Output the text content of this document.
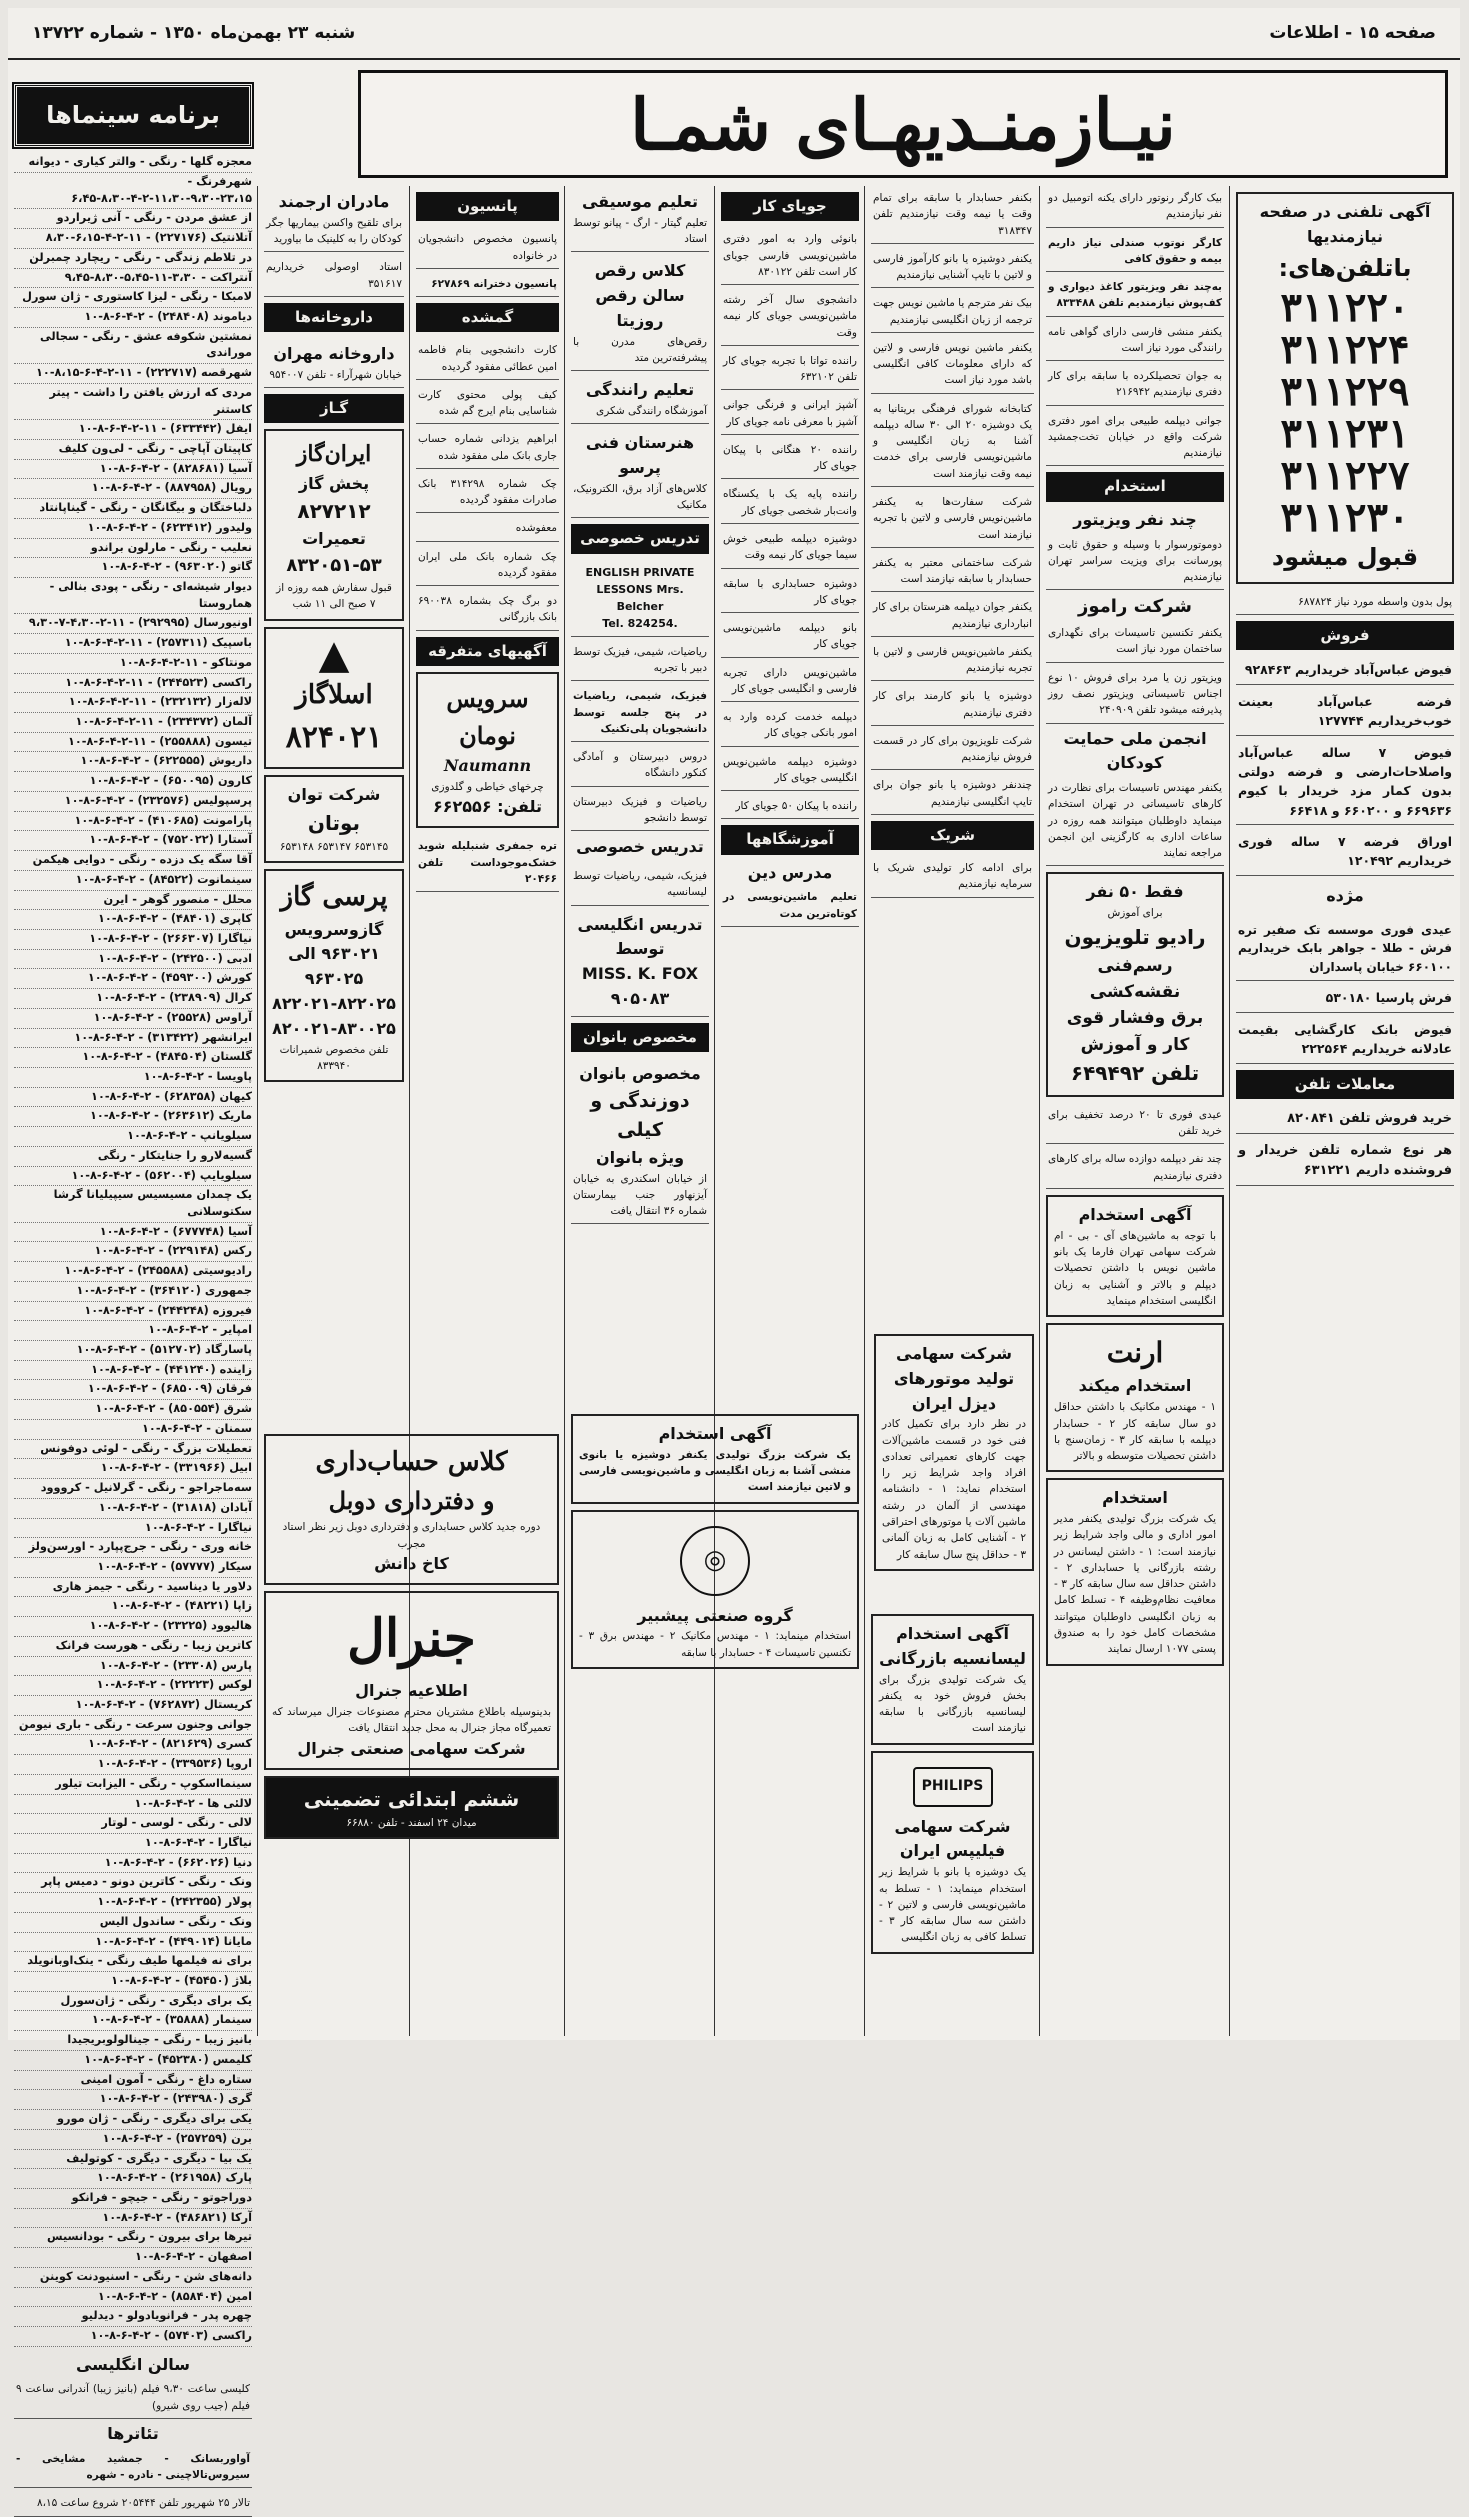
صفحه ۱۵ - اطلاعات
شنبه ۲۳ بهمن‌ماه ۱۳۵۰ - شماره ۱۳۷۲۲
نیـازمنـدیهـای شمـا
آگهی تلفنی در صفحه نیازمندیها
باتلفن‌های:
۳۱۱۲۲۰
۳۱۱۲۲۴
۳۱۱۲۲۹
۳۱۱۲۳۱
۳۱۱۲۲۷
۳۱۱۲۳۰
قبول میشود
پول بدون واسطه مورد نیاز ۶۸۷۸۲۴
فروش
فیوض عباس‌آباد خریداریم ۹۲۸۴۶۳
فرضه عباس‌آباد بعینت خوب‌خریداریم ۱۲۷۷۴۴
فیوض ۷ ساله عباس‌آباد واصلاحات‌ارضی و فرضه دولتی بدون کمار مزد خریدار با کیوم ۶۶۹۶۳۶ و ۶۶۰۲۰۰ و ۶۶۴۱۸
اوراق فرضه ۷ ساله فوری خریداریم ۱۲۰۴۹۲
مژده
عیدی فوری موسسه تک صفیر تره فرش - طلا - جواهر بابک خریداریم ۶۶۰۱۰۰ خیابان پاسداران
فرش پارسیا ۵۳۰۱۸۰
فیوض بانک کارگشایی بقیمت عادلانه خریداریم ۲۲۲۵۶۴
معاملات تلفن
خرید فروش تلفن ۸۲۰۸۴۱
هر نوع شماره تلفن خریدار و فروشنده داریم ۶۳۱۲۲۱
بیک کارگر رنوتور دارای یکنه اتومبیل دو نفر نیازمندیم
کارگر نوتوب صندلی نیاز داریم بیمه و حقوق کافی
به‌چند نفر ویزیتور کاغذ دیواری و کف‌پوش نیازمندیم تلفن ۸۳۳۴۸۸
یکنفر منشی فارسی دارای گواهی نامه رانندگی مورد نیاز است
به جوان تحصیلکرده با سابقه برای کار دفتری نیازمندیم ۲۱۶۹۴۲
جوانی دیپلمه طبیعی برای امور دفتری شرکت واقع در خیابان تخت‌جمشید نیازمندیم
استخدام
چند نفر ویزیتور
دوموتورسوار با وسیله و حقوق ثابت و پورسانت برای ویزیت سراسر تهران نیازمندیم
شرکت راموز
یکنفر تکنسین تاسیسات برای نگهداری ساختمان مورد نیاز است
ویزیتور زن یا مرد برای فروش ۱۰ نوع اجناس تاسیساتی ویزیتور نصف روز پذیرفته میشود تلفن ۲۴۰۹۰۹
انجمن ملی حمایت کودکان
یکنفر مهندس تاسیسات برای نظارت در کارهای تاسیساتی در تهران استخدام مینماید داوطلبان میتوانند همه روزه در ساعات اداری به کارگزینی این انجمن مراجعه نمایند
فقط ۵۰ نفر
برای آموزش
رادیو تلویزیون
رسم‌فنی نقشه‌کشی
برق وفشار قوی
کار و آموزش
تلفن ۶۴۹۴۹۲
عیدی فوری تا ۲۰ درصد تخفیف برای خرید تلفن
چند نفر دیپلمه دوازده ساله برای کارهای دفتری نیازمندیم
آگهی استخدام
با توجه به ماشین‌های آی - بی - ام شرکت سهامی تهران فارما یک بانو ماشین نویس با داشتن تحصیلات دیپلم و بالاتر و آشنایی به زبان انگلیسی استخدام مینماید
ارنت
استخدام میکند
۱ - مهندس مکانیک با داشتن حداقل دو سال سابقه کار ۲ - حسابدار دیپلمه با سابقه کار ۳ - زمان‌سنج با داشتن تحصیلات متوسطه و بالاتر
استخدام
یک شرکت بزرگ تولیدی یکنفر مدیر امور اداری و مالی واجد شرایط زیر نیازمند است: ۱ - داشتن لیسانس در رشته بازرگانی یا حسابداری ۲ - داشتن حداقل سه سال سابقه کار ۳ - معافیت نظام‌وظیفه ۴ - تسلط کامل به زبان انگلیسی داوطلبان میتوانند مشخصات کامل خود را به صندوق پستی ۱۰۷۷ ارسال نمایند
بکنفر حسابدار با سابقه برای تمام وقت یا نیمه وقت نیازمندیم تلفن ۳۱۸۳۴۷
یکنفر دوشیزه یا بانو کارآموز فارسی و لاتین با تایپ آشنایی نیازمندیم
بیک نفر مترجم یا ماشین نویس جهت ترجمه از زبان انگلیسی نیازمندیم
یکنفر ماشین نویس فارسی و لاتین که دارای معلومات کافی انگلیسی باشد مورد نیاز است
کتابخانه شورای فرهنگی بریتانیا به یک دوشیزه ۲۰ الی ۳۰ ساله دیپلمه آشنا به زبان انگلیسی و ماشین‌نویسی فارسی برای خدمت نیمه وقت نیازمند است
شرکت سفارت‌ها به یکنفر ماشین‌نویس فارسی و لاتین با تجربه نیازمند است
شرکت ساختمانی معتبر به یکنفر حسابدار با سابقه نیازمند است
یکنفر جوان دیپلمه هنرستان برای کار انبارداری نیازمندیم
یکنفر ماشین‌نویس فارسی و لاتین با تجربه نیازمندیم
دوشیزه یا بانو کارمند برای کار دفتری نیازمندیم
شرکت تلویزیون برای کار در قسمت فروش نیازمندیم
چندنفر دوشیزه یا بانو جوان برای تایپ انگلیسی نیازمندیم
شریک
برای ادامه کار تولیدی شریک با سرمایه نیازمندیم
شرکت سهامی تولید موتورهای دیزل ایران
در نظر دارد برای تکمیل کادر فنی خود در قسمت ماشین‌آلات جهت کارهای تعمیراتی تعدادی افراد واجد شرایط زیر را استخدام نماید: ۱ - دانشنامه مهندسی از آلمان در رشته ماشین آلات یا موتورهای احتراقی ۲ - آشنایی کامل به زبان آلمانی ۳ - حداقل پنج سال سابقه کار
آگهی استخدام لیسانسیه بازرگانی
یک شرکت تولیدی بزرگ برای بخش فروش خود به یکنفر لیسانسیه بازرگانی با سابقه نیازمند است
PHILIPS
شرکت سهامی فیلیپس ایران
یک دوشیزه یا بانو با شرایط زیر استخدام مینماید: ۱ - تسلط به ماشین‌نویسی فارسی و لاتین ۲ - داشتن سه سال سابقه کار ۳ - تسلط کافی به زبان انگلیسی
جویای کار
بانوئی وارد به امور دفتری ماشین‌نویسی فارسی جویای کار است تلفن ۸۳۰۱۲۲
دانشجوی سال آخر رشته ماشین‌نویسی جویای کار نیمه وقت
راننده تواتا با تجربه جویای کار تلفن ۶۳۲۱۰۲
آشپز ایرانی و فرنگی جوانی آشپز با معرفی نامه جویای کار
راننده ۲۰ هنگانی با پیکان جویای کار
راننده پایه یک با یکسنگاه وانت‌بار شخصی جویای کار
دوشیزه دیپلمه طبیعی خوش سیما جویای کار نیمه وقت
دوشیزه حسابداری با سابقه جویای کار
بانو دیپلمه ماشین‌نویسی جویای کار
ماشین‌نویس دارای تجربه فارسی و انگلیسی جویای کار
دیپلمه خدمت کرده وارد به امور بانکی جویای کار
دوشیزه دیپلمه ماشین‌نویس انگلیسی جویای کار
راننده با پیکان ۵۰ جویای کار
آموزشگاهها
مدرس دین
تعلیم ماشین‌نویسی در کوتاه‌ترین مدت
آگهی استخدام
یک شرکت بزرگ تولیدی یکنفر دوشیزه یا بانوی منشی آشنا به زبان انگلیسی و ماشین‌نویسی فارسی و لاتین نیازمند است
◎
گروه صنعتی پیشبیر
استخدام مینماید: ۱ - مهندس مکانیک ۲ - مهندس برق ۳ - تکنسین تاسیسات ۴ - حسابدار با سابقه
تعلیم موسیقی
تعلیم گیتار - ارگ - پیانو توسط استاد
کلاس رقص
سالن رقص روزیتا
رقص‌های مدرن با پیشرفته‌ترین متد
تعلیم رانندگی
آموزشگاه رانندگی شکری
هنرستان فنی پرسو
کلاس‌های آزاد برق، الکترونیک، مکانیک
تدریس خصوصی
ENGLISH PRIVATE LESSONS Mrs. Belcher
Tel. 824254.
ریاضیات، شیمی، فیزیک توسط دبیر با تجربه
فیزیک، شیمی، ریاضیات در پنج جلسه توسط دانشجویان پلی‌تکنیک
دروس دبیرستان و آمادگی کنکور دانشگاه
ریاضیات و فیزیک دبیرستان توسط دانشجو
تدریس خصوصی
فیزیک، شیمی، ریاضیات توسط لیسانسیه
تدریس انگلیسی توسط
MISS. K. FOX
۹۰۵۰۸۳
مخصوص بانوان
مخصوص بانوان
دوزندگی و کیلی
ویژه بانوان
از خیابان اسکندری به خیابان آیزنهاور جنب بیمارستان شماره ۳۶ انتقال یافت
پانسیون
پانسیون مخصوص دانشجویان در خانواده
پانسیون دخترانه ۶۲۷۸۶۹
گمشده
کارت دانشجویی بنام فاطمه امین عطائی مفقود گردیده
کیف پولی محتوی کارت شناسایی بنام ایرج گم شده
ابراهیم یزدانی شماره حساب جاری بانک ملی مفقود شده
چک شماره ۳۱۴۲۹۸ بانک صادرات مفقود گردیده
معفوشده
چک شماره بانک ملی ایران مفقود گردیده
دو برگ چک بشماره ۶۹۰۰۳۸ بانک بازرگانی
آگهیهای متفرقه
سرویس نومان
Naumann
چرخهای خیاطی و گلدوزی
تلفن: ۶۶۲۵۵۶
تره جمفری شنبلیله شوید خشک‌موجوداست تلفن ۲۰۴۶۶
کلاس حساب‌داری
و دفترداری دوبل
دوره جدید کلاس حسابداری و دفترداری دوبل زیر نظر استاد مجرب
کاخ دانش
جنرال
اطلاعیه جنرال
بدینوسیله باطلاع مشتریان محترم مصنوعات جنرال میرساند که تعمیرگاه مجاز جنرال به محل جدید انتقال یافت
شرکت سهامی صنعتی جنرال
ششم ابتدائی تضمینی
میدان ۲۴ اسفند - تلفن ۶۶۸۸۰
مادران ارجمند
برای تلقیح واکسن بیماریها جگر کودکان را به کلینیک ما بیاورید
استاد اوصولی خریداریم ۳۵۱۶۱۷
داروخانه‌ها
داروخانه مهران
خیابان شهرآراء - تلفن ۹۵۴۰۰۷
گـاز
ایران‌گاز
پخش گاز
۸۲۷۲۱۲
تعمیرات
۸۳۲۰۵۱-۵۳
قبول سفارش همه روزه از ۷ صبح الی ۱۱ شب
▲
اسلاگاز
۸۲۴۰۲۱
شرکت توان
بوتان
۶۵۳۱۴۵ ۶۵۳۱۴۷ ۶۵۳۱۴۸
پرسی گاز
گازوسرویس
۹۶۳۰۲۱ الی ۹۶۳۰۲۵
۸۲۲۰۲۱-۸۲۲۰۲۵
۸۲۰۰۲۱-۸۳۰۰۲۵
تلفن مخصوص شمیرانات ۸۳۳۹۴۰
برنامه سینماها
معجزه گلها - رنگی - والتر کیاری - دیوانه
شهرفرنگ - ۲۳،۱۵-۹،۳۰-۱۱،۳۰-۲-۴-۸،۳۰-۶،۴۵
از عشق مردن - رنگی - آنی ژیراردو
آتلانتیک (۲۲۷۱۷۶) - ۱۱-۲-۴-۶،۱۵-۸،۳۰
در تلاطم زندگی - رنگی - ریچارد چمبرلن
آنتراکت - ۳،۳۰-۱۱-۵،۴۵-۸،۳۰-۹،۴۵
لامبکا - رنگی - لیزا کاستوری - ژان سورل
دیاموند (۲۴۸۴۰۸) - ۲-۴-۶-۸-۱۰
نمشتین شکوفه عشق - رنگی - سجالی موراندی
شهرقصه (۲۲۲۷۱۷) - ۱۱-۲-۴-۶-۸،۱۵-۱۰
مردی که ارزش یافتن را داشت - پیتر کاستنر
ایفل (۶۳۳۴۴۲) - ۱۱-۲-۴-۶-۸-۱۰
کاپیتان آپاچی - رنگی - لی‌ون کلیف
آسیا (۸۲۸۶۸۱) - ۲-۴-۶-۸-۱۰
رویال (۸۸۷۹۵۸) - ۲-۴-۶-۸-۱۰
دلباختگان و بیگانگان - رنگی - گیناپانتاد
ولیدور (۶۲۳۴۱۲) - ۲-۴-۶-۸-۱۰
نعلیب - رنگی - مارلون براندو
گاتو (۹۶۳۰۲۰) - ۲-۴-۶-۸-۱۰
دیوار شیشه‌ای - رنگی - پودی بنالی - هماروستا
اونیورسال (۲۹۲۹۹۵) - ۱۱-۲-۴،۳۰-۷-۹،۳۰
باسپیک (۲۵۷۳۱۱) - ۱۱-۲-۴-۶-۸-۱۰
مونتاکو - ۱۱-۲-۴-۶-۸-۱۰
راکسی (۲۴۴۵۲۳) - ۱۱-۲-۴-۶-۸-۱۰
لاله‌زار (۲۳۲۱۳۲) - ۱۱-۲-۴-۶-۸-۱۰
آلمان (۲۳۴۳۷۲) - ۱۱-۲-۴-۶-۸-۱۰
تیسون (۲۵۵۸۸۸) - ۱۱-۲-۴-۶-۸-۱۰
داریوش (۶۲۲۵۵۵) - ۲-۴-۶-۸-۱۰
کارون (۶۵۰۰۹۵) - ۲-۴-۶-۸-۱۰
پرسپولیس (۲۳۲۵۷۶) - ۲-۴-۶-۸-۱۰
پارامونت (۴۱۰۶۸۵) - ۲-۴-۶-۸-۱۰
آستارا (۷۵۲۰۲۲) - ۲-۴-۶-۸-۱۰
آقا سگه یک دزده - رنگی - دوایی هیکمن
سینمانوت (۸۴۵۲۲) - ۲-۴-۶-۸-۱۰
محلل - منصور گوهر - ایرن
کاپری (۴۸۴۰۱) - ۲-۴-۶-۸-۱۰
نیاگارا (۲۶۶۳۰۷) - ۲-۴-۶-۸-۱۰
ادبی (۲۴۲۵۰۰) - ۲-۴-۶-۸-۱۰
کورش (۴۵۹۳۰۰) - ۲-۴-۶-۸-۱۰
کرال (۲۳۸۹۰۹) - ۲-۴-۶-۸-۱۰
آراوس (۲۵۵۲۸) - ۲-۴-۶-۸-۱۰
ایرانشهر (۳۱۳۴۲۲) - ۲-۴-۶-۸-۱۰
گلستان (۴۸۴۵۰۴) - ۲-۴-۶-۸-۱۰
پاویسا - ۲-۴-۶-۸-۱۰
کیهان (۶۲۸۳۵۸) - ۲-۴-۶-۸-۱۰
ماریک (۲۶۳۶۱۲) - ۲-۴-۶-۸-۱۰
سیلویانپ - ۲-۴-۶-۸-۱۰
گسیه‌لارو را جنایتکار - رنگی
سیلویایپ (۵۶۲۰۰۴) - ۲-۴-۶-۸-۱۰
یک چمدان مسیسیس سیپیلیانا گرشا سکتوسلانی
آسیا (۶۷۷۷۴۸) - ۲-۴-۶-۸-۱۰
رکس (۲۲۹۱۴۸) - ۲-۴-۶-۸-۱۰
رادیوسیتی (۲۴۵۵۸۸) - ۲-۴-۶-۸-۱۰
جمهوری (۳۶۴۱۲۰) - ۲-۴-۶-۸-۱۰
فیروزه (۲۴۴۲۴۸) - ۲-۴-۶-۸-۱۰
امپایر - ۲-۴-۶-۸-۱۰
پاسارگاد (۵۱۲۷۰۲) - ۲-۴-۶-۸-۱۰
زاینده (۴۴۱۲۴۰) - ۲-۴-۶-۸-۱۰
فرقان (۶۸۵۰۰۹) - ۲-۴-۶-۸-۱۰
شرق (۸۵۰۵۵۴) - ۲-۴-۶-۸-۱۰
سمنان - ۲-۴-۶-۸-۱۰
تعطیلات بزرگ - رنگی - لوئی دوفونس
ابیل (۳۳۱۹۶۶) - ۲-۴-۶-۸-۱۰
سه‌ماجراجو - رنگی - گرلانیل - کرووود
آبادان (۳۱۸۱۸) - ۲-۴-۶-۸-۱۰
نیاگارا - ۲-۴-۶-۸-۱۰
خانه وری - رنگی - جرج‌پپارد - اورسن‌ولز
سیکار (۵۷۷۷۷) - ۲-۴-۶-۸-۱۰
دلاور یا دیناسید - رنگی - جیمز هاری
زاپا (۴۸۲۲۱) - ۲-۴-۶-۸-۱۰
هالیوود (۲۳۲۲۵) - ۲-۴-۶-۸-۱۰
کاترین زیبا - رنگی - هورست فرانک
پارس (۲۳۳۰۸) - ۲-۴-۶-۸-۱۰
لوکس (۲۲۲۲۳) - ۲-۴-۶-۸-۱۰
کریستال (۷۶۲۸۷۲) - ۲-۴-۶-۸-۱۰
جوانی وجنون سرعت - رنگی - باری نیومن
کسری (۸۲۱۶۲۹) - ۲-۴-۶-۸-۱۰
اروپا (۳۳۹۵۳۶) - ۲-۴-۶-۸-۱۰
سینمااسکوپ - رنگی - الیزابت تیلور
لالئی ها - ۲-۴-۶-۸-۱۰
لالی - رنگی - لوسی - لوتار
نیاگارا - ۲-۴-۶-۸-۱۰
دنیا (۶۶۲۰۲۶) - ۲-۴-۶-۸-۱۰
ونک - رنگی - کاترین دونو - دمیس پاپر
پولار (۲۴۲۳۵۵) - ۲-۴-۶-۸-۱۰
ونک - رنگی - ساندول الیس
مایانا (۴۴۹۰۱۴) - ۲-۴-۶-۸-۱۰
برای نه فیلمها طیف رنگی - ینک‌اوبانویلد
بلاژ (۴۵۴۵۰) - ۲-۴-۶-۸-۱۰
یک برای دیگری - رنگی - ژان‌سورل
سینمار (۳۵۸۸۸) - ۲-۴-۶-۸-۱۰
بانیز زیبا - رنگی - جینالولوبریجیدا
کلیمس (۴۵۲۳۸۰) - ۲-۴-۶-۸-۱۰
ستاره داغ - رنگی - آمون امینی
گری (۲۴۳۹۸۰) - ۲-۴-۶-۸-۱۰
یکی برای دیگری - رنگی - ژان مورو
برن (۲۵۷۲۵۹) - ۲-۴-۶-۸-۱۰
یک بیا - دیگری - دیگری - کوتولیف
پارک (۲۶۱۹۵۸) - ۲-۴-۶-۸-۱۰
دوراجوتو - رنگی - جیچو - فرانکو
آرکا (۴۸۶۸۲۱) - ۲-۴-۶-۸-۱۰
تیرها برای بیرون - رنگی - بودانسیس
اصفهان - ۲-۴-۶-۸-۱۰
دانه‌های شن - رنگی - اسنیودنت کوینن
امین (۸۵۸۴۰۴) - ۲-۴-۶-۸-۱۰
چهره پدر - فرانویادولو - دیدلیو
راکسی (۵۷۴۰۳) - ۲-۴-۶-۸-۱۰
سالن انگلیسی
کلیسی ساعت ۹،۳۰ فیلم (بانیز زیبا) آندرانی ساعت ۹ فیلم (جیب روی شیرو)
تئاترها
آواوربسانک - جمشید مشایخی - سیروس‌تالاچینی - نادره - شهره
تالار ۲۵ شهریور تلفن ۲۰۵۴۴۴ شروع ساعت ۸،۱۵
